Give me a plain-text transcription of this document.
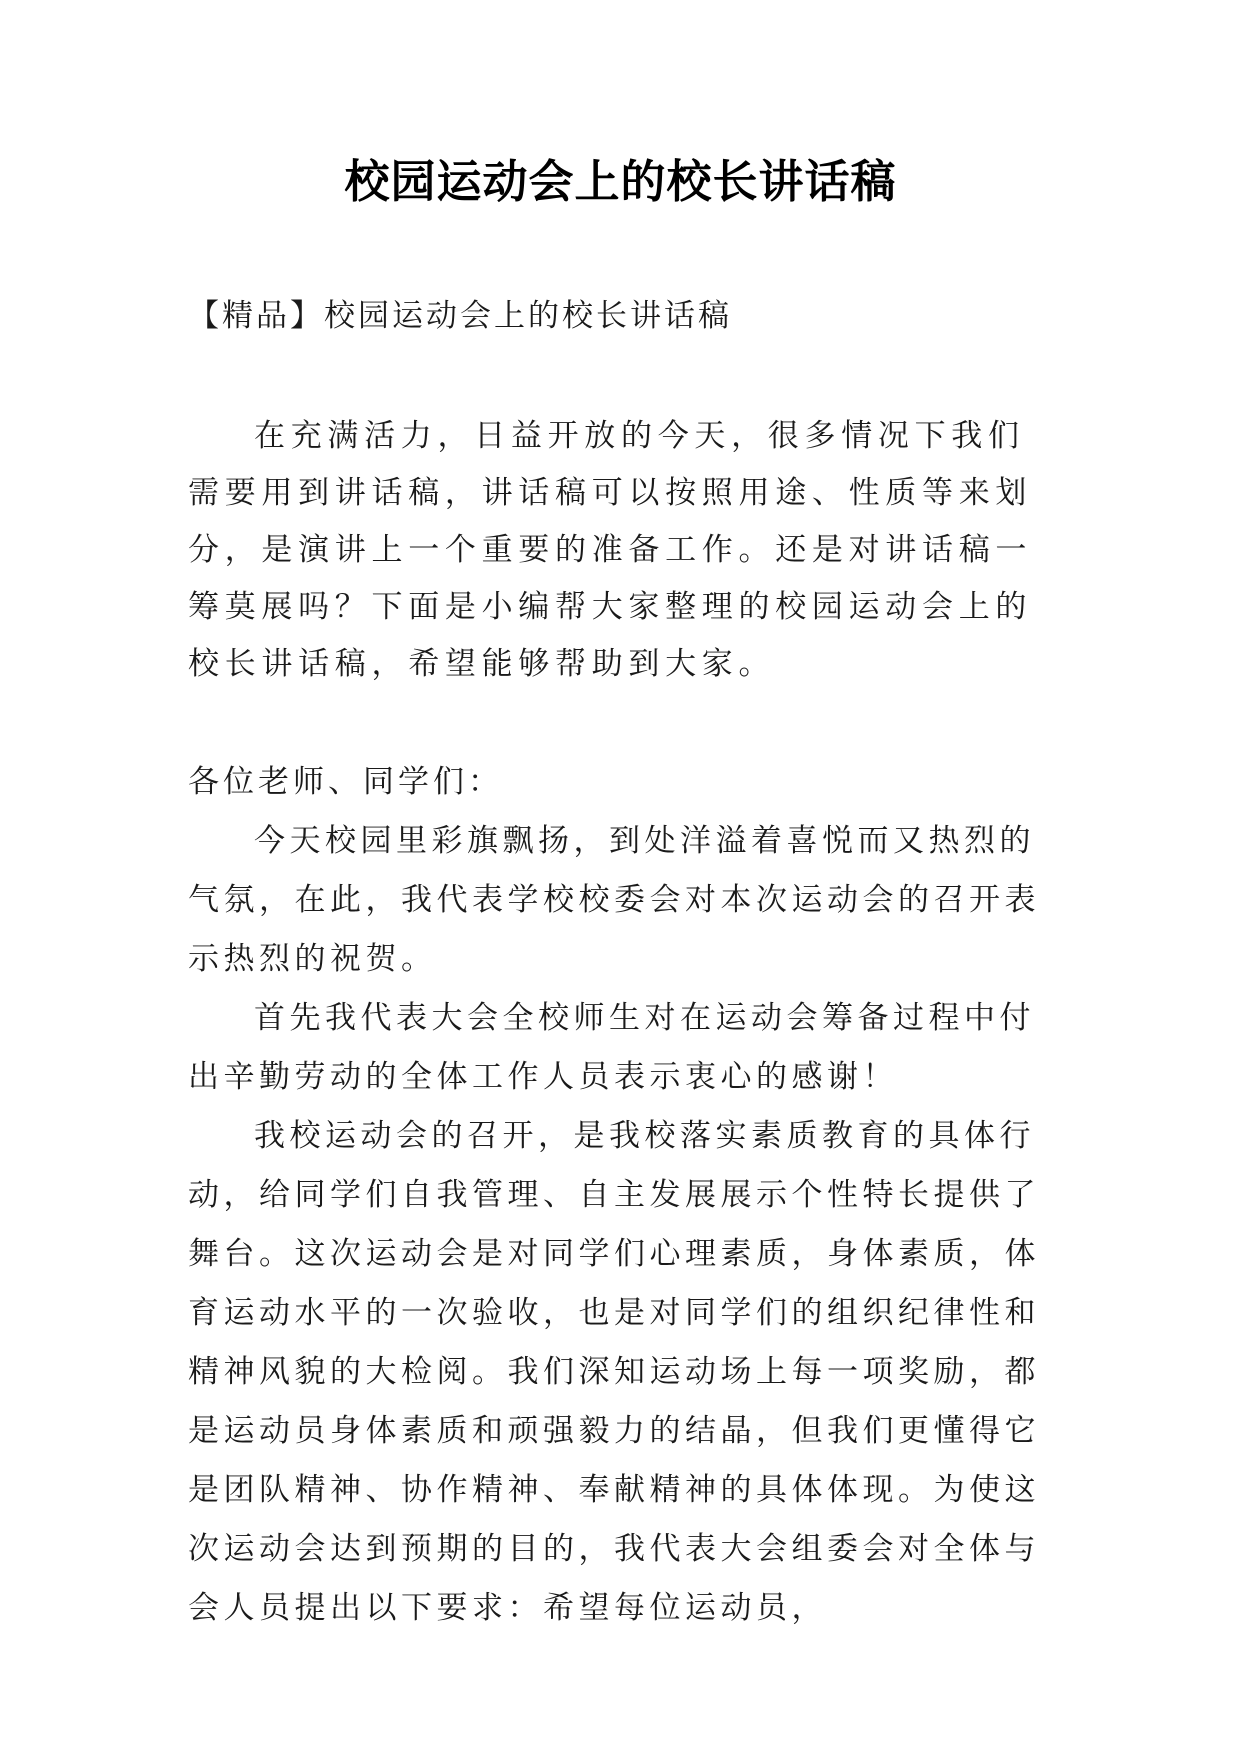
校园运动会上的校长讲话稿

【精品】校园运动会上的校长讲话稿

在充满活力，日益开放的今天，很多情况下我们需要用到讲话稿，讲话稿可以按照用途、性质等来划分，是演讲上一个重要的准备工作。还是对讲话稿一筹莫展吗？下面是小编帮大家整理的校园运动会上的校长讲话稿，希望能够帮助到大家。

各位老师、同学们：

今天校园里彩旗飘扬，到处洋溢着喜悦而又热烈的气氛，在此，我代表学校校委会对本次运动会的召开表示热烈的祝贺。

首先我代表大会全校师生对在运动会筹备过程中付出辛勤劳动的全体工作人员表示衷心的感谢！

我校运动会的召开，是我校落实素质教育的具体行动，给同学们自我管理、自主发展展示个性特长提供了舞台。这次运动会是对同学们心理素质，身体素质，体育运动水平的一次验收，也是对同学们的组织纪律性和精神风貌的大检阅。我们深知运动场上每一项奖励，都是运动员身体素质和顽强毅力的结晶，但我们更懂得它是团队精神、协作精神、奉献精神的具体体现。为使这次运动会达到预期的目的，我代表大会组委会对全体与会人员提出以下要求：希望每位运动员，
